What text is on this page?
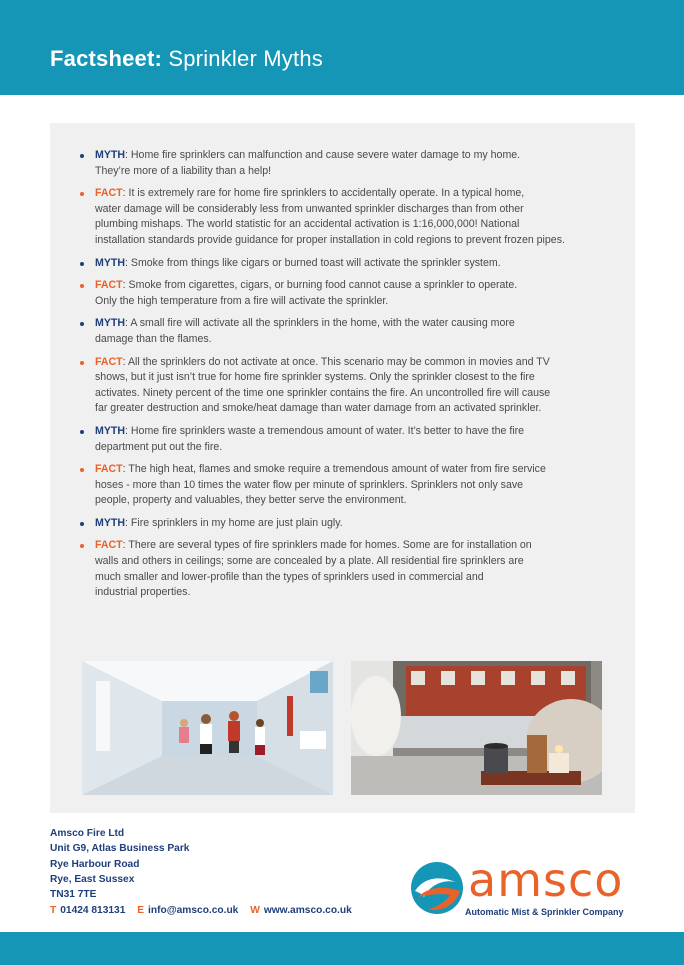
Factsheet: Sprinkler Myths
MYTH: Home fire sprinklers can malfunction and cause severe water damage to my home.
They’re more of a liability than a help!
FACT: It is extremely rare for home fire sprinklers to accidentally operate. In a typical home,
water damage will be considerably less from unwanted sprinkler discharges than from other
plumbing mishaps. The world statistic for an accidental activation is 1:16,000,000! National
installation standards provide guidance for proper installation in cold regions to prevent frozen pipes.
MYTH: Smoke from things like cigars or burned toast will activate the sprinkler system.
FACT: Smoke from cigarettes, cigars, or burning food cannot cause a sprinkler to operate.
Only the high temperature from a fire will activate the sprinkler.
MYTH: A small fire will activate all the sprinklers in the home, with the water causing more
damage than the flames.
FACT: All the sprinklers do not activate at once. This scenario may be common in movies and TV
shows, but it just isn’t true for home fire sprinkler systems. Only the sprinkler closest to the fire
activates. Ninety percent of the time one sprinkler contains the fire. An uncontrolled fire will cause
far greater destruction and smoke/heat damage than water damage from an activated sprinkler.
MYTH: Home fire sprinklers waste a tremendous amount of water. It’s better to have the fire
department put out the fire.
FACT: The high heat, flames and smoke require a tremendous amount of water from fire service
hoses - more than 10 times the water flow per minute of sprinklers. Sprinklers not only save
people, property and valuables, they better serve the environment.
MYTH: Fire sprinklers in my home are just plain ugly.
FACT: There are several types of fire sprinklers made for homes. Some are for installation on
walls and others in ceilings; some are concealed by a plate. All residential fire sprinklers are
much smaller and lower-profile than the types of sprinklers used in commercial and
industrial properties.
Amsco Fire Ltd
Unit G9, Atlas Business Park
Rye Harbour Road
Rye, East Sussex
TN31 7TE
T 01424 813131 E info@amsco.co.uk W www.amsco.co.uk
amsco
Automatic Mist & Sprinkler Company
